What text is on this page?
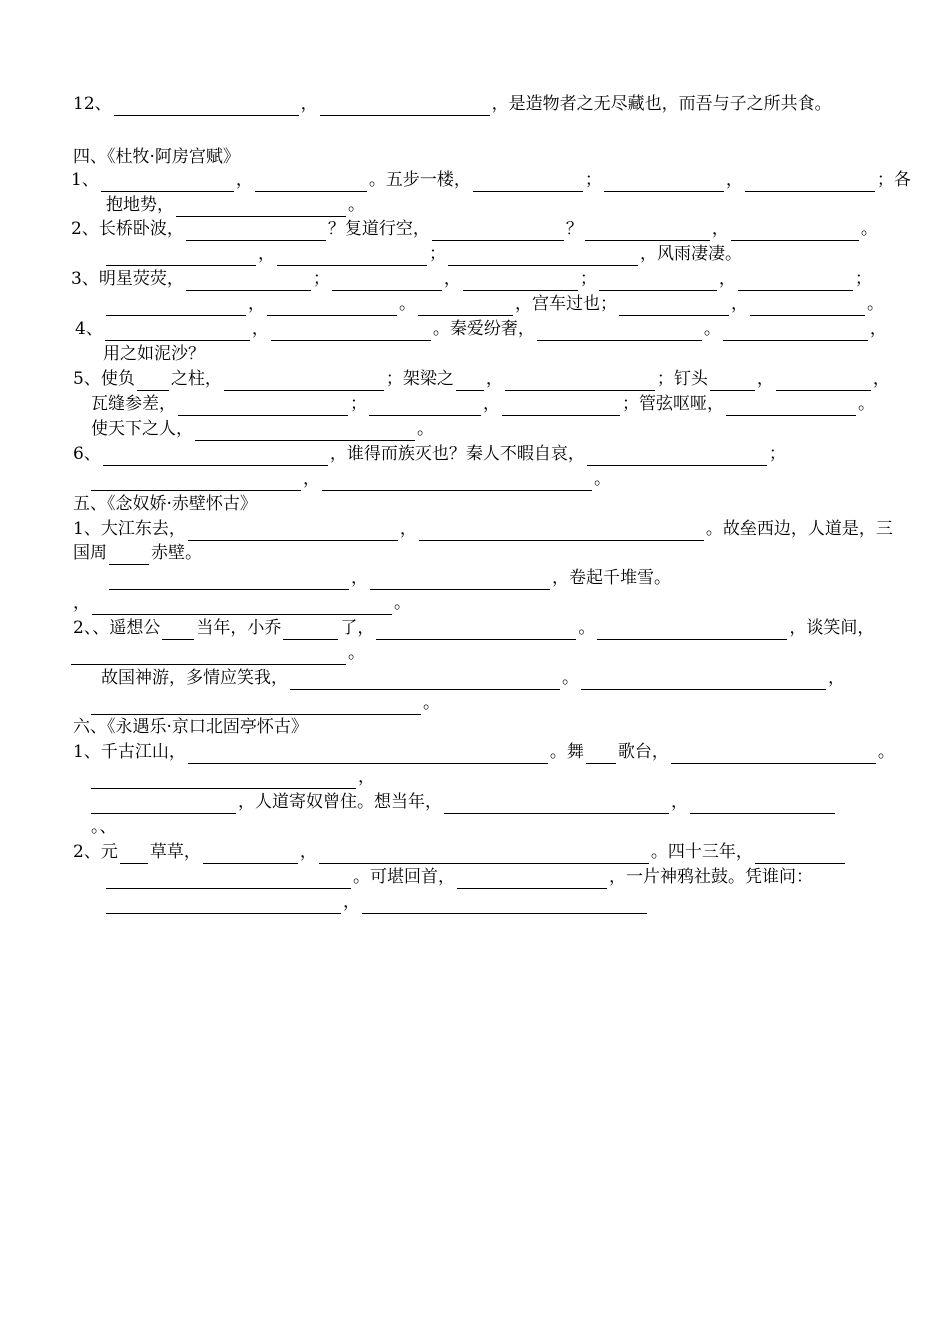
12、	，	，是造物者之无尽藏也，而吾与子之所共食。
四、《杜牧·阿房宫赋》
1、	，	。五步一楼，	；	，	；各
抱地势，	。
2、长桥卧波，	？复道行空，	？	，	。
，	；	，风雨凄凄。
3、明星荧荧，	；	，	；	，	；
，	。	，宫车过也；	，	。
4、	，	。秦爱纷奢，	。	，
用之如泥沙？
5、使负 之柱，	；架梁之 ，	；钉头	，	，
瓦缝参差，	；	，	；管弦呕哑，	。
使天下之人，	。
6、	，谁得而族灭也？秦人不暇自哀，	；
，	。
五、《念奴娇·赤壁怀古》
1、大江东去，	，	。故垒西边，人道是，三
国周	赤壁。
，	，卷起千堆雪。
，	。
2、、遥想公 当年，小乔	了，	。	，谈笑间，
。
故国神游，多情应笑我，	。	，
。
六、《永遇乐·京口北固亭怀古》
1、千古江山，	。舞 歌台，	。
，
，人道寄奴曾住。想当年，	，
。、
2、元 草草，	，	。四十三年，
。可堪回首，	，一片神鸦社鼓。凭谁问：
，
